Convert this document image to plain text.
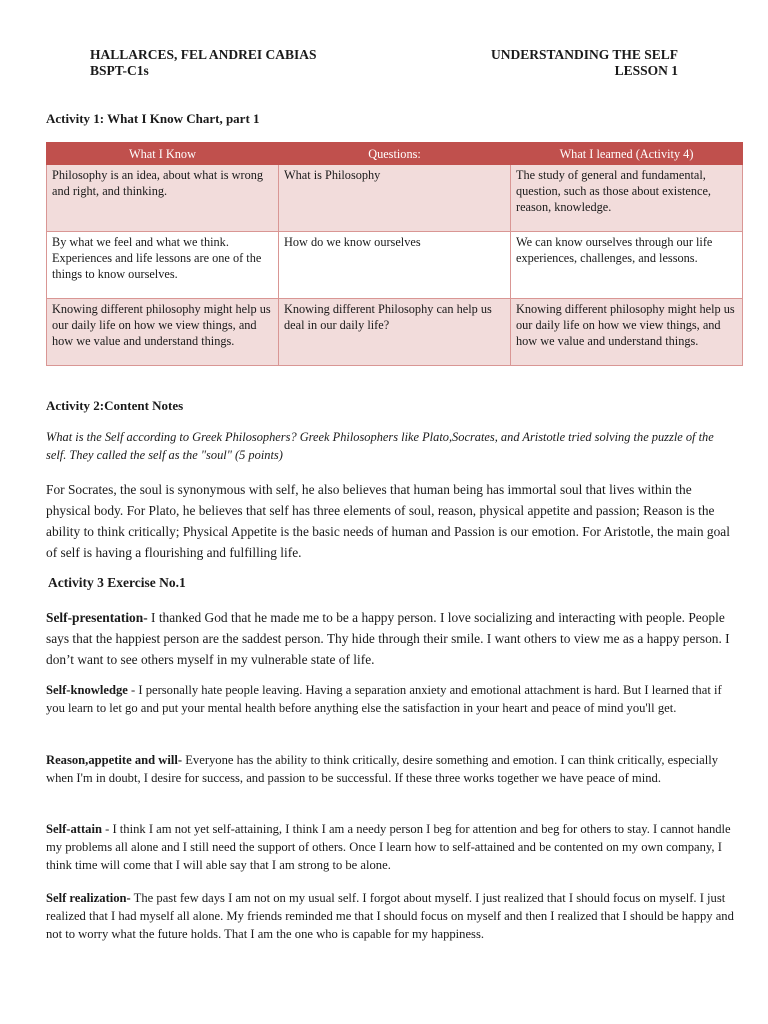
HALLARCES, FEL ANDREI CABIAS
BSPT-C1s
UNDERSTANDING THE SELF
LESSON 1
Activity 1: What I Know Chart, part 1
What I Know	Questions:	What I learned (Activity 4)
Philosophy is an idea, about what is wrong and right, and thinking.	What is Philosophy	The study of general and fundamental, question, such as those about existence, reason, knowledge.
By what we feel and what we think. Experiences and life lessons are one of the things to know ourselves.	How do we know ourselves	We can know ourselves through our life experiences, challenges, and lessons.
Knowing different philosophy might help us our daily life on how we view things, and how we value and understand things.	Knowing different Philosophy can help us deal in our daily life?	Knowing different philosophy might help us our daily life on how we view things, and how we value and understand things.
Activity 2:Content Notes
What is the Self according to Greek Philosophers? Greek Philosophers like Plato,Socrates, and Aristotle tried solving the puzzle of the self. They called the self as the "soul" (5 points)
For Socrates, the soul is synonymous with self, he also believes that human being has immortal soul that lives within the physical body. For Plato, he believes that self has three elements of soul, reason, physical appetite and passion; Reason is the ability to think critically; Physical Appetite is the basic needs of human and Passion is our emotion. For Aristotle, the main goal of self is having a flourishing and fulfilling life.
Activity 3 Exercise No.1
Self-presentation- I thanked God that he made me to be a happy person. I love socializing and interacting with people. People says that the happiest person are the saddest person. Thy hide through their smile. I want others to view me as a happy person. I don’t want to see others myself in my vulnerable state of life.
Self-knowledge - I personally hate people leaving. Having a separation anxiety and emotional attachment is hard. But I learned that if you learn to let go and put your mental health before anything else the satisfaction in your heart and peace of mind you'll get.
Reason,appetite and will- Everyone has the ability to think critically, desire something and emotion. I can think critically, especially when I'm in doubt, I desire for success, and passion to be successful. If these three works together we have peace of mind.
Self-attain - I think I am not yet self-attaining, I think I am a needy person I beg for attention and beg for others to stay. I cannot handle my problems all alone and I still need the support of others. Once I learn how to self-attained and be contented on my own company, I think time will come that I will able say that I am strong to be alone.
Self realization- The past few days I am not on my usual self. I forgot about myself. I just realized that I should focus on myself. I just realized that I had myself all alone. My friends reminded me that I should focus on myself and then I realized that I should be happy and not to worry what the future holds. That I am the one who is capable for my happiness.
